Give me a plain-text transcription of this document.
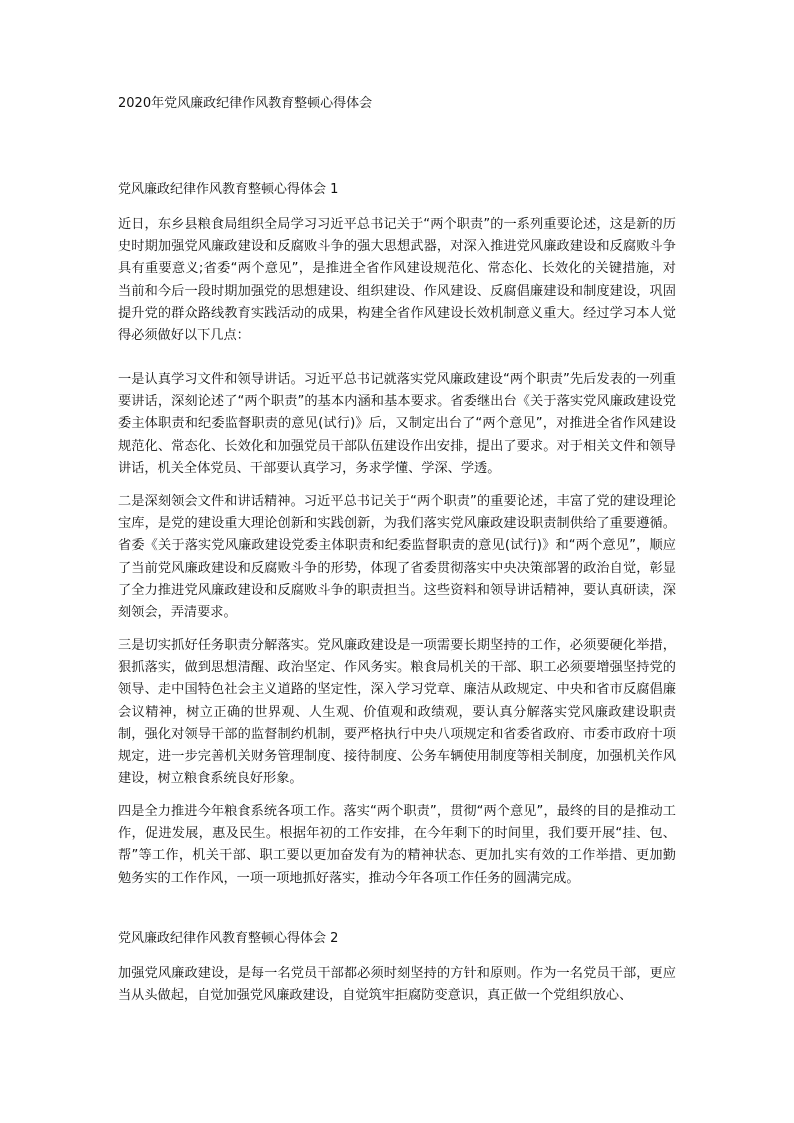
2020年党风廉政纪律作风教育整顿心得体会
党风廉政纪律作风教育整顿心得体会 1
近日，东乡县粮食局组织全局学习习近平总书记关于“两个职责”的一系列重要论述，这是新的历史时期加强党风廉政建设和反腐败斗争的强大思想武器，对深入推进党风廉政建设和反腐败斗争具有重要意义;省委“两个意见”，是推进全省作风建设规范化、常态化、长效化的关键措施，对当前和今后一段时期加强党的思想建设、组织建设、作风建设、反腐倡廉建设和制度建设，巩固提升党的群众路线教育实践活动的成果，构建全省作风建设长效机制意义重大。经过学习本人觉得必须做好以下几点：
一是认真学习文件和领导讲话。习近平总书记就落实党风廉政建设“两个职责”先后发表的一列重要讲话，深刻论述了“两个职责”的基本内涵和基本要求。省委继出台《关于落实党风廉政建设党委主体职责和纪委监督职责的意见(试行)》后，又制定出台了“两个意见”，对推进全省作风建设规范化、常态化、长效化和加强党员干部队伍建设作出安排，提出了要求。对于相关文件和领导讲话，机关全体党员、干部要认真学习，务求学懂、学深、学透。
二是深刻领会文件和讲话精神。习近平总书记关于“两个职责”的重要论述，丰富了党的建设理论宝库，是党的建设重大理论创新和实践创新，为我们落实党风廉政建设职责制供给了重要遵循。省委《关于落实党风廉政建设党委主体职责和纪委监督职责的意见(试行)》和“两个意见”，顺应了当前党风廉政建设和反腐败斗争的形势，体现了省委贯彻落实中央决策部署的政治自觉，彰显了全力推进党风廉政建设和反腐败斗争的职责担当。这些资料和领导讲话精神，要认真研读，深刻领会，弄清要求。
三是切实抓好任务职责分解落实。党风廉政建设是一项需要长期坚持的工作，必须要硬化举措，狠抓落实，做到思想清醒、政治坚定、作风务实。粮食局机关的干部、职工必须要增强坚持党的领导、走中国特色社会主义道路的坚定性，深入学习党章、廉洁从政规定、中央和省市反腐倡廉会议精神，树立正确的世界观、人生观、价值观和政绩观，要认真分解落实党风廉政建设职责制，强化对领导干部的监督制约机制，要严格执行中央八项规定和省委省政府、市委市政府十项规定，进一步完善机关财务管理制度、接待制度、公务车辆使用制度等相关制度，加强机关作风建设，树立粮食系统良好形象。
四是全力推进今年粮食系统各项工作。落实“两个职责”，贯彻“两个意见”，最终的目的是推动工作，促进发展，惠及民生。根据年初的工作安排，在今年剩下的时间里，我们要开展“挂、包、帮”等工作，机关干部、职工要以更加奋发有为的精神状态、更加扎实有效的工作举措、更加勤勉务实的工作作风，一项一项地抓好落实，推动今年各项工作任务的圆满完成。
党风廉政纪律作风教育整顿心得体会 2
加强党风廉政建设，是每一名党员干部都必须时刻坚持的方针和原则。作为一名党员干部，更应当从头做起，自觉加强党风廉政建设，自觉筑牢拒腐防变意识，真正做一个党组织放心、
